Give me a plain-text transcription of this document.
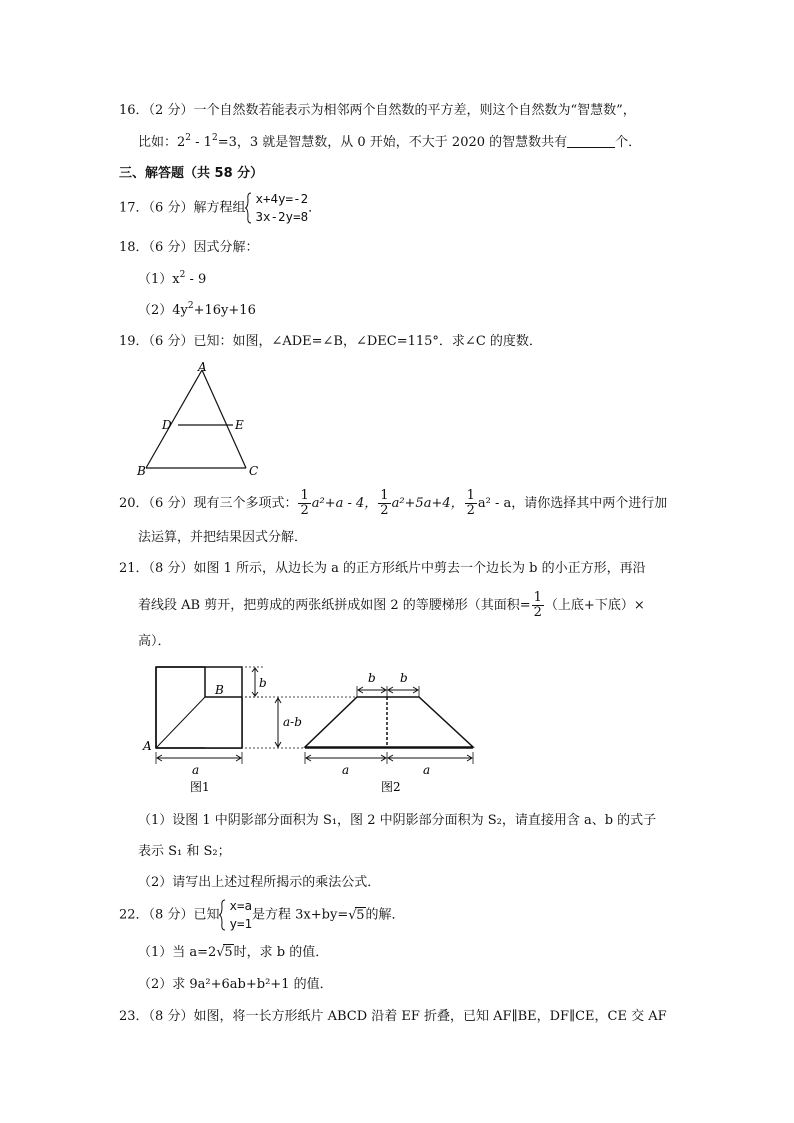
16．（2 分）一个自然数若能表示为相邻两个自然数的平方差，则这个自然数为“智慧数”，
比如：$2^2 - 1^2=3$，3 就是智慧数，从 0 开始，不大于 2020 的智慧数共有	个．
三、解答题（共 58 分）
17．（6 分）解方程组
x+4y=-2
3x-2y=8
．
18．（6 分）因式分解：
$(1)x^2 - 9$
$(2)4y^2+16y+16$
19．（6 分）已知：如图，∠ADE=∠B，∠DEC=115°．求∠C 的度数．
A
D	E
B	C
20．（6 分）现有三个多项式： $\frac{1}{2} a^2+a - 4$， $\frac{1}{2} a^2+5a+4$， $\frac{1}{2} a^2$ - a，请你选择其中两个进行加
法运算，并把结果因式分解．
21．（8 分）如图 1 所示，从边长为 a 的正方形纸片中剪去一个边长为 b 的小正方形，再沿
着线段 AB 剪开，把剪成的两张纸拼成如图 2 的等腰梯形（其面积= $\frac{1}{2}$ （上底+下底）×
高）．
B
A
b
a-b
a
图1
b b
a	a
图2
（1）设图 1 中阴影部分面积为 S₁，图 2 中阴影部分面积为 S₂，请直接用含 a、b 的式子
表示 S₁ 和 S₂；
（2）请写出上述过程所揭示的乘法公式．
22．（8 分）已知
x=a
y=1
是方程 3x+by= √ 5的解．
（1）当 a=2 √ 5时，求 b 的值．
（2）求 9a²+6ab+b²+1 的值．
23．（8 分）如图，将一长方形纸片 ABCD 沿着 EF 折叠，已知 AF∥BE，DF∥CE，CE 交 AF
